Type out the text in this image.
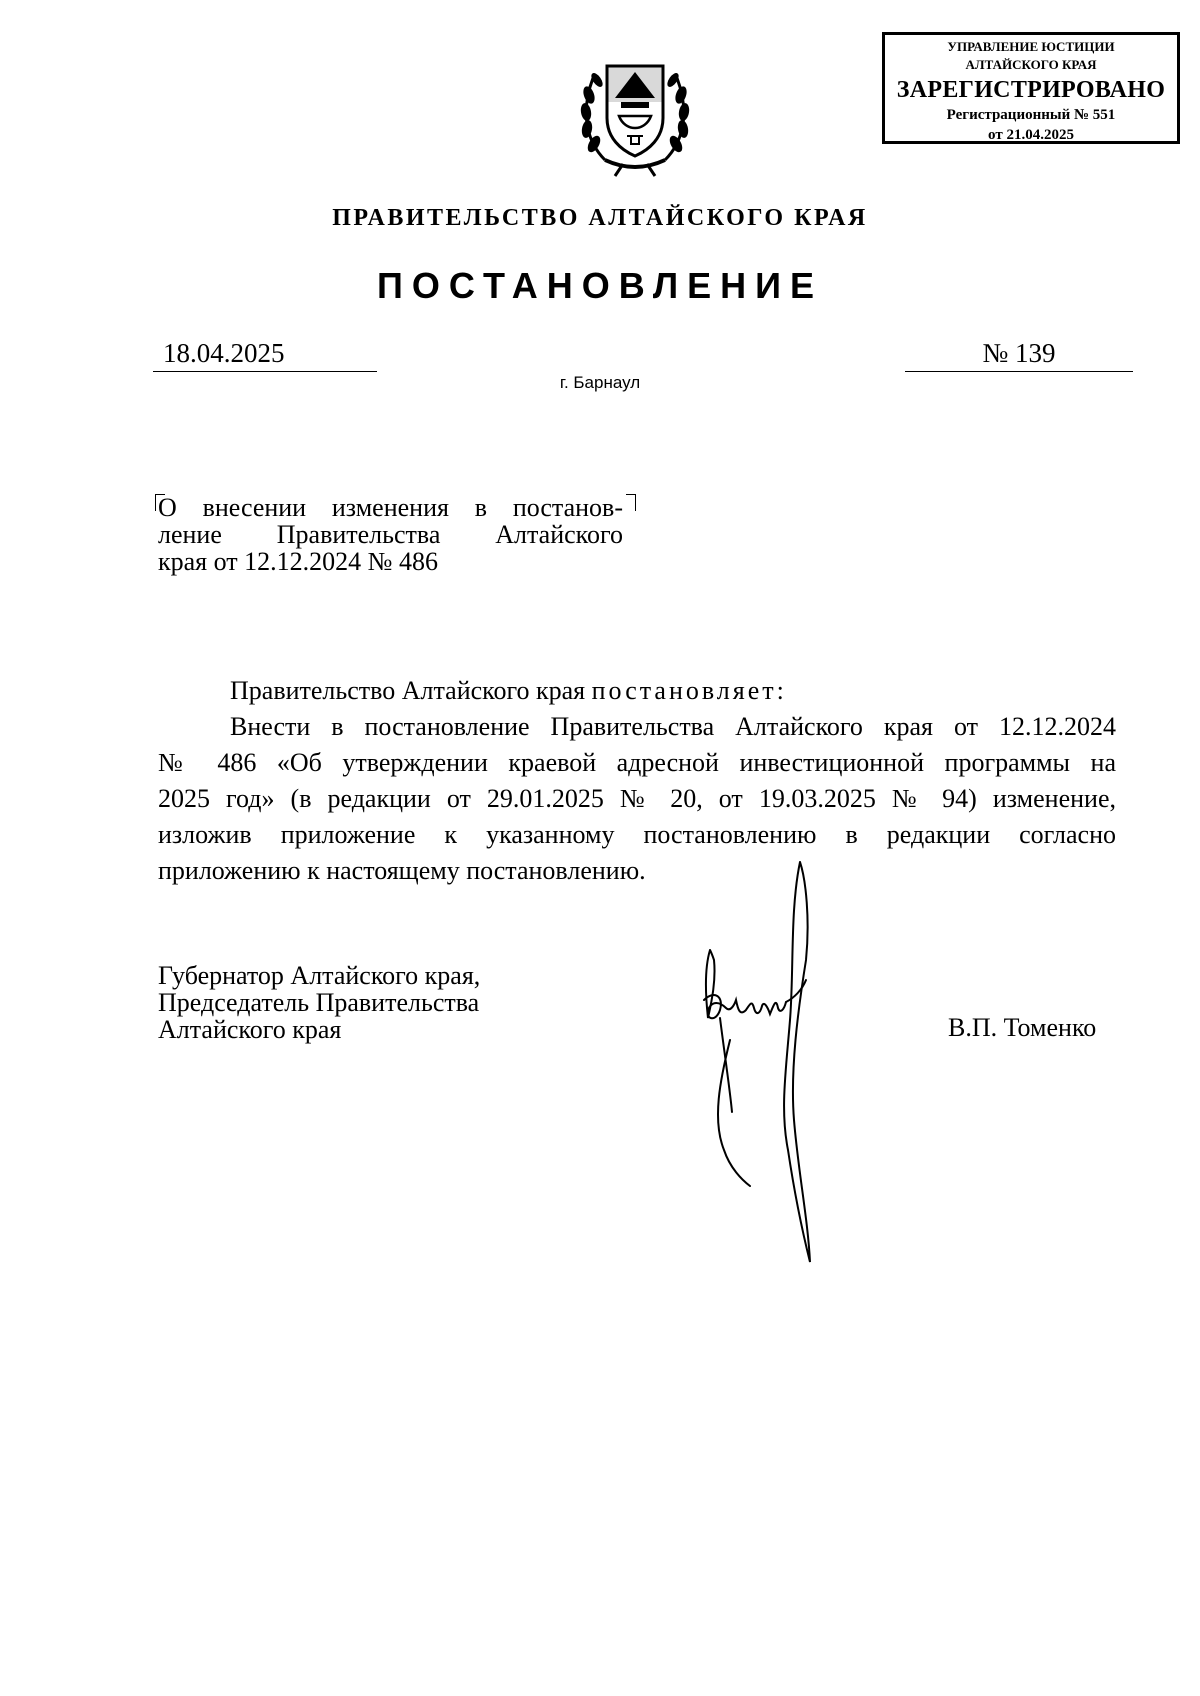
УПРАВЛЕНИЕ ЮСТИЦИИ
АЛТАЙСКОГО КРАЯ
ЗАРЕГИСТРИРОВАНО
Регистрационный № 551
от 21.04.2025
ПРАВИТЕЛЬСТВО АЛТАЙСКОГО КРАЯ
ПОСТАНОВЛЕНИЕ
18.04.2025	№ 139
г. Барнаул
О внесении изменения в постанов-
ление Правительства Алтайского
края от 12.12.2024 № 486

Правительство Алтайского края постановляет:

Внести в постановление Правительства Алтайского края от 12.12.2024
№ 486 «Об утверждении краевой адресной инвестиционной программы на
2025 год» (в редакции от 29.01.2025 № 20, от 19.03.2025 № 94) изменение,
изложив приложение к указанному постановлению в редакции согласно
приложению к настоящему постановлению.
Губернатор Алтайского края,
Председатель Правительства
Алтайского края	В.П. Томенко
